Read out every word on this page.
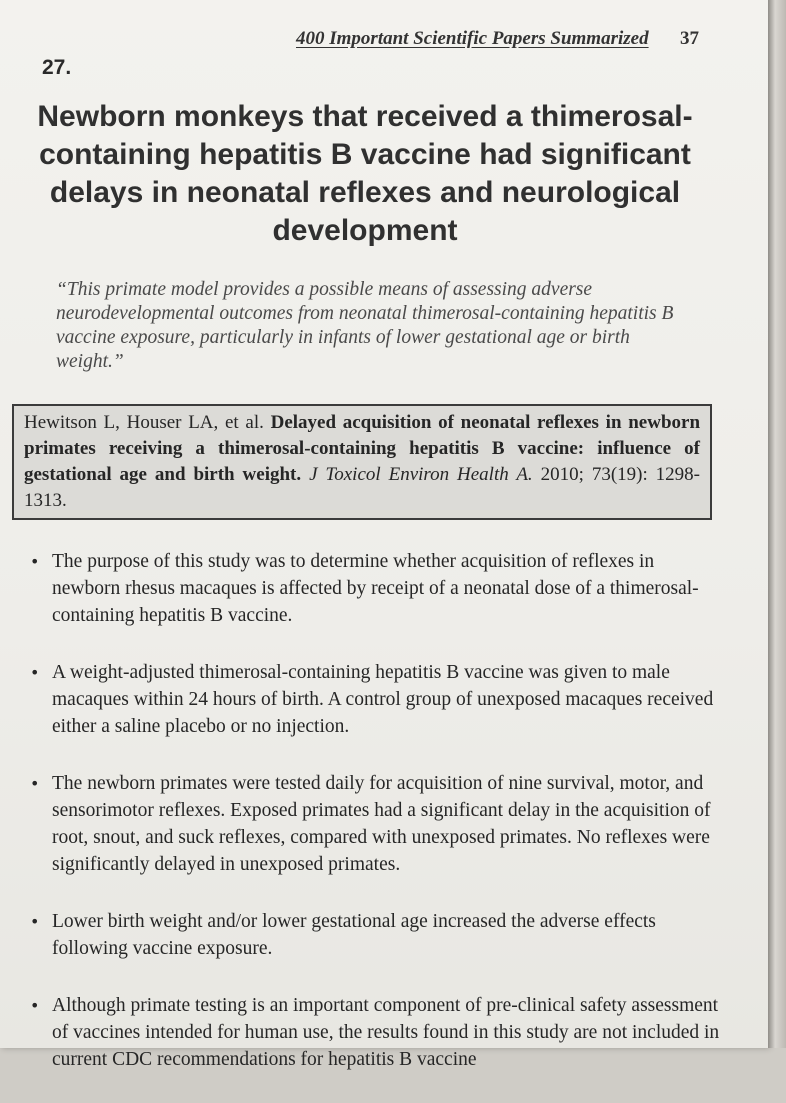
400 Important Scientific Papers Summarized 37
27.
Newborn monkeys that received a thimerosal-containing hepatitis B vaccine had significant delays in neonatal reflexes and neurological development

“This primate model provides a possible means of assessing adverse neurodevelopmental outcomes from neonatal thimerosal-containing hepatitis B vaccine exposure, particularly in infants of lower gestational age or birth weight.”

Hewitson L, Houser LA, et al. Delayed acquisition of neonatal reflexes in newborn primates receiving a thimerosal-containing hepatitis B vaccine: influence of gestational age and birth weight. J Toxicol Environ Health A. 2010; 73(19): 1298-1313.
• The purpose of this study was to determine whether acquisition of reflexes in newborn rhesus macaques is affected by receipt of a neonatal dose of a thimerosal-containing hepatitis B vaccine.
• A weight-adjusted thimerosal-containing hepatitis B vaccine was given to male macaques within 24 hours of birth. A control group of unexposed macaques received either a saline placebo or no injection.
• The newborn primates were tested daily for acquisition of nine survival, motor, and sensorimotor reflexes. Exposed primates had a significant delay in the acquisition of root, snout, and suck reflexes, compared with unexposed primates. No reflexes were significantly delayed in unexposed primates.
• Lower birth weight and/or lower gestational age increased the adverse effects following vaccine exposure.
• Although primate testing is an important component of pre-clinical safety assessment of vaccines intended for human use, the results found in this study are not included in current CDC recommendations for hepatitis B vaccine
